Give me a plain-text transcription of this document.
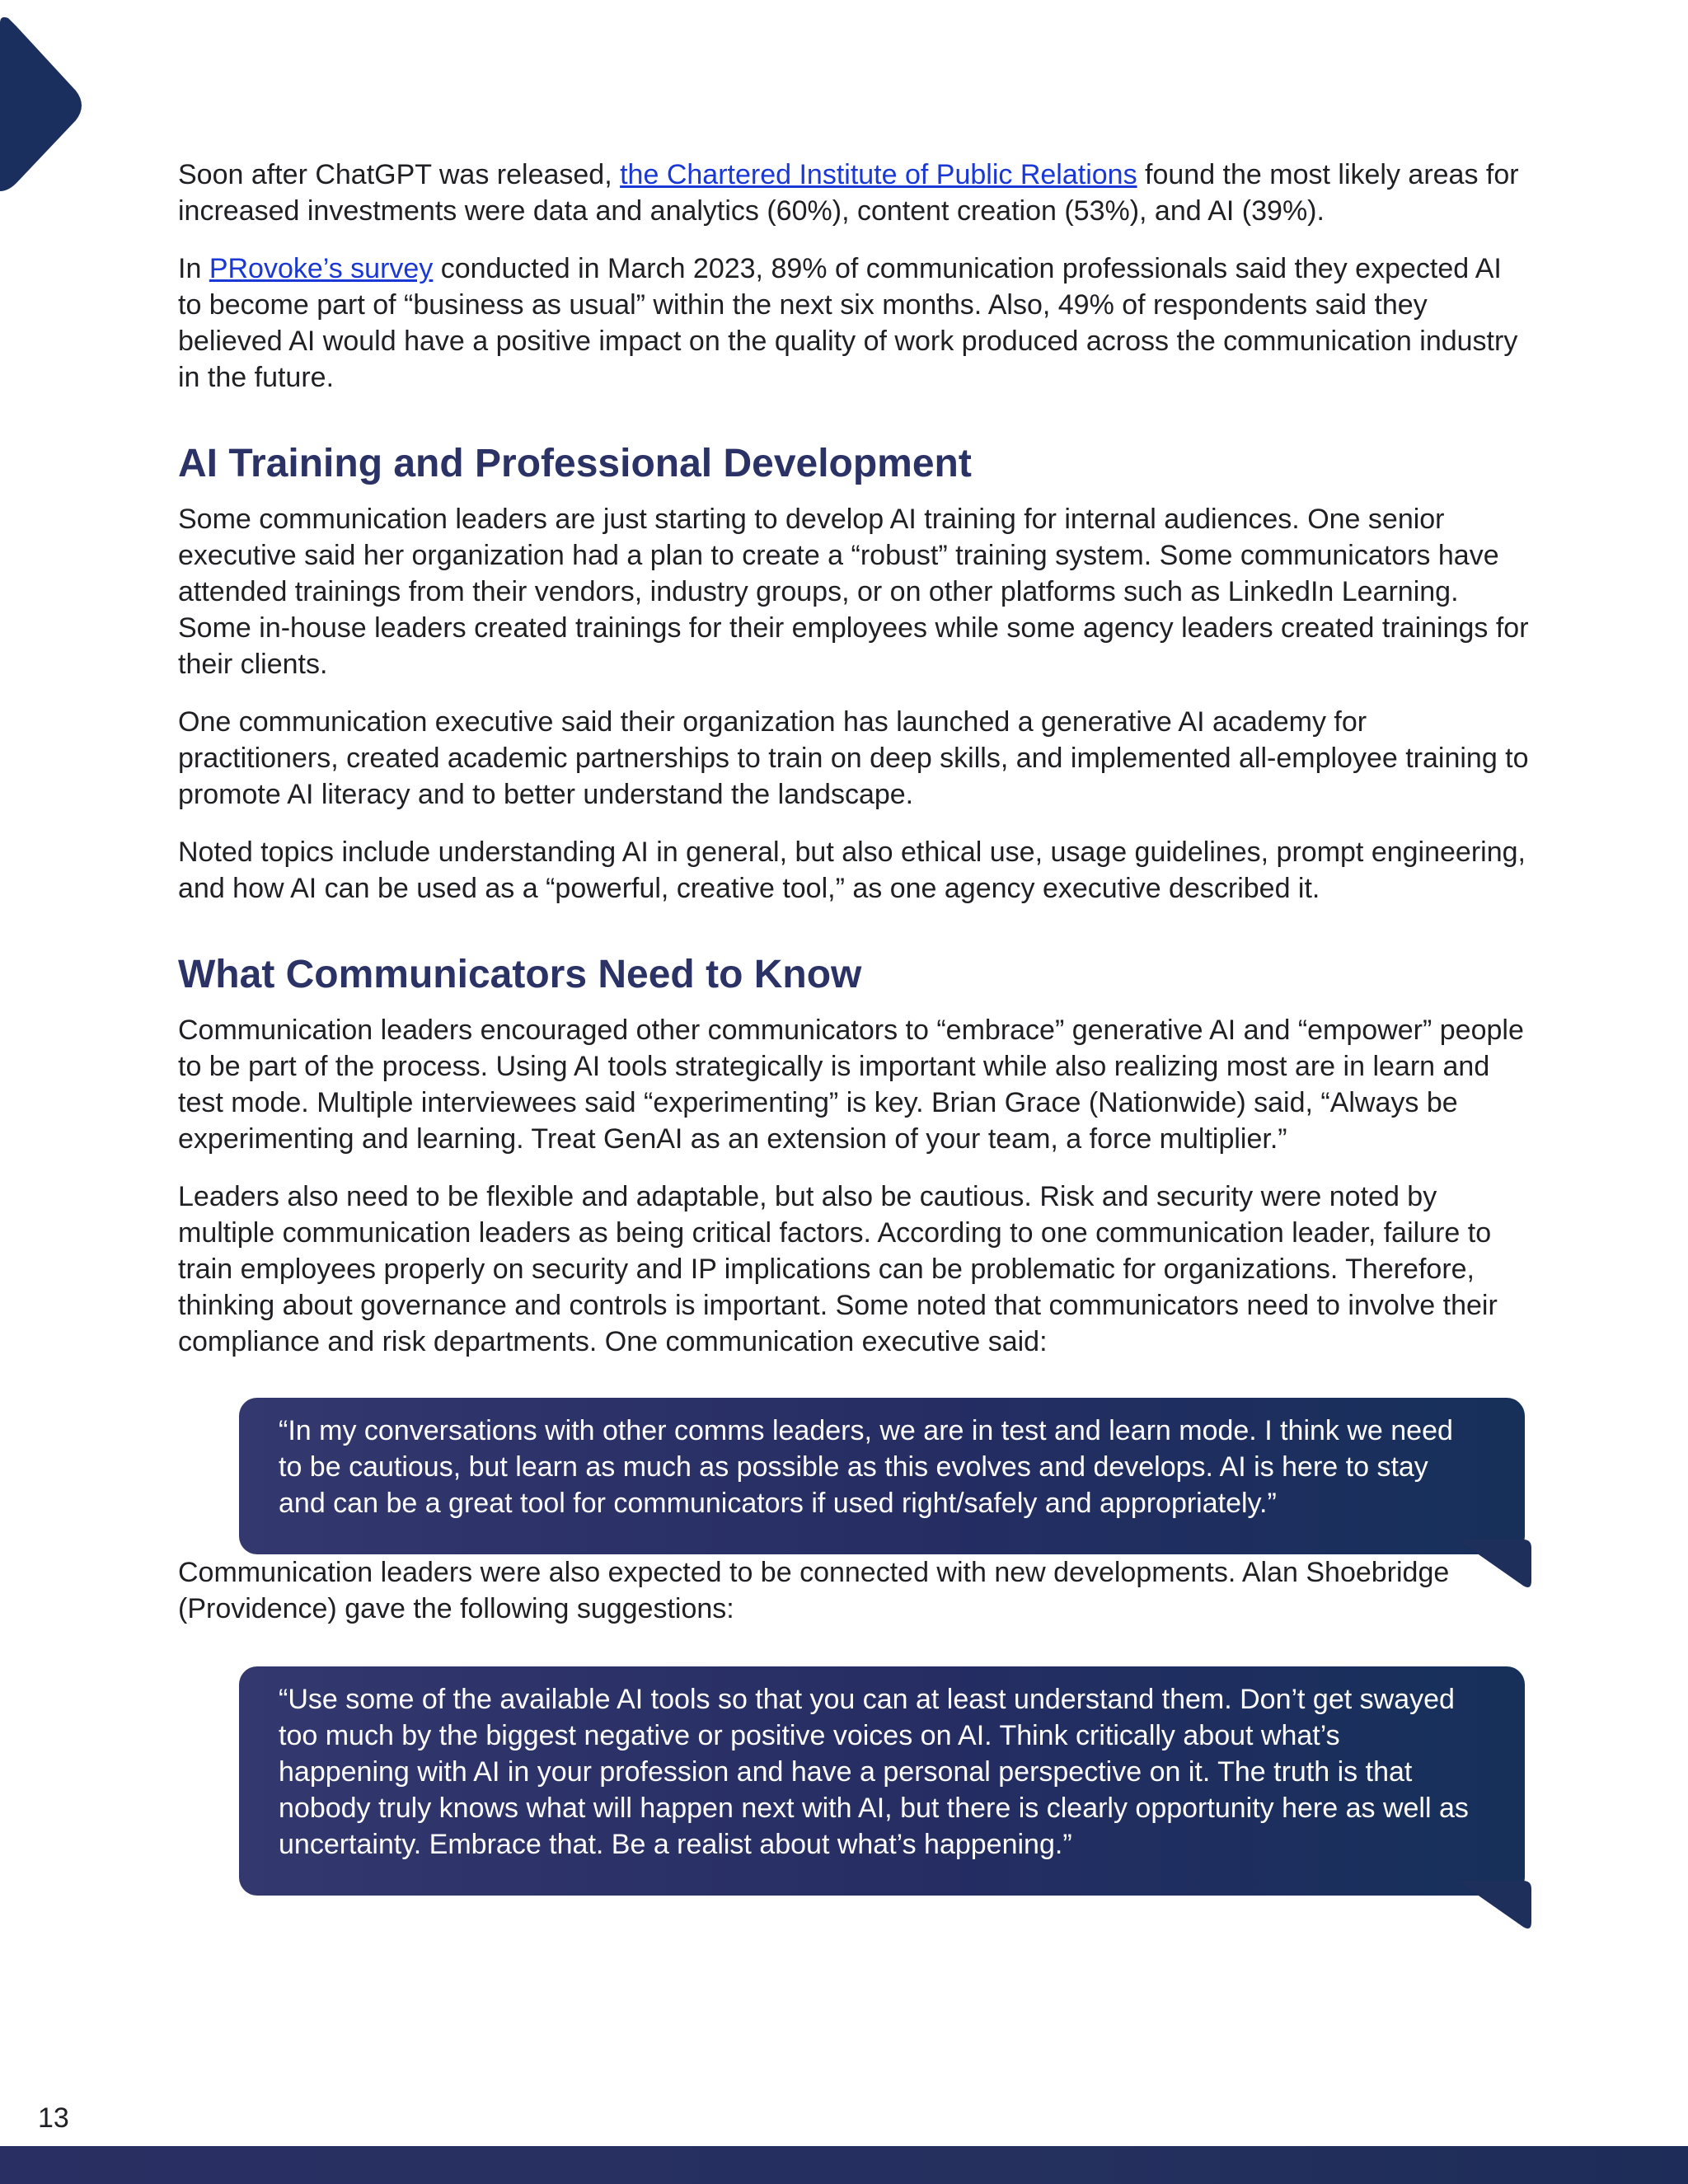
Soon after ChatGPT was released, the Chartered Institute of Public Relations found the most likely areas for increased investments were data and analytics (60%), content creation (53%), and AI (39%).

In PRovoke’s survey conducted in March 2023, 89% of communication professionals said they expected AI to become part of “business as usual” within the next six months. Also, 49% of respondents said they believed AI would have a positive impact on the quality of work produced across the communication industry in the future.

AI Training and Professional Development

Some communication leaders are just starting to develop AI training for internal audiences. One senior executive said her organization had a plan to create a “robust” training system. Some communicators have attended trainings from their vendors, industry groups, or on other platforms such as LinkedIn Learning. Some in-house leaders created trainings for their employees while some agency leaders created trainings for their clients.

One communication executive said their organization has launched a generative AI academy for practitioners, created academic partnerships to train on deep skills, and implemented all-employee training to promote AI literacy and to better understand the landscape.

Noted topics include understanding AI in general, but also ethical use, usage guidelines, prompt engineering, and how AI can be used as a “powerful, creative tool,” as one agency executive described it.

What Communicators Need to Know

Communication leaders encouraged other communicators to “embrace” generative AI and “empower” people to be part of the process. Using AI tools strategically is important while also realizing most are in learn and test mode. Multiple interviewees said “experimenting” is key. Brian Grace (Nationwide) said, “Always be experimenting and learning. Treat GenAI as an extension of your team, a force multiplier.”

Leaders also need to be flexible and adaptable, but also be cautious. Risk and security were noted by multiple communication leaders as being critical factors. According to one communication leader, failure to train employees properly on security and IP implications can be problematic for organizations. Therefore, thinking about governance and controls is important. Some noted that communicators need to involve their compliance and risk departments. One communication executive said:

“In my conversations with other comms leaders, we are in test and learn mode. I think we need to be cautious, but learn as much as possible as this evolves and develops. AI is here to stay and can be a great tool for communicators if used right/safely and appropriately.”

Communication leaders were also expected to be connected with new developments. Alan Shoebridge (Providence) gave the following suggestions:

“Use some of the available AI tools so that you can at least understand them. Don’t get swayed too much by the biggest negative or positive voices on AI. Think critically about what’s happening with AI in your profession and have a personal perspective on it. The truth is that nobody truly knows what will happen next with AI, but there is clearly opportunity here as well as uncertainty. Embrace that. Be a realist about what’s happening.”
13
